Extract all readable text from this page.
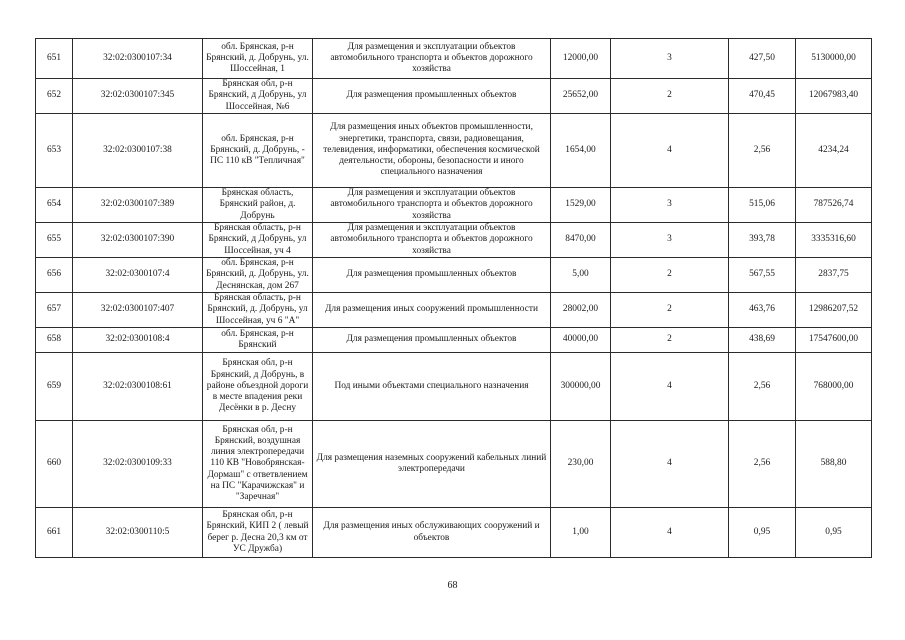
651	32:02:0300107:34	обл. Брянская, р-н Брянский, д. Добрунь, ул. Шоссейная, 1	Для размещения и эксплуатации объектов автомобильного транспорта и объектов дорожного хозяйства	12000,00	3	427,50	5130000,00
652	32:02:0300107:345	Брянская обл, р-н Брянский, д Добрунь, ул Шоссейная, №6	Для размещения промышленных объектов	25652,00	2	470,45	12067983,40
653	32:02:0300107:38	обл. Брянская, р-н Брянский, д. Добрунь, - ПС 110 кВ "Тепличная"	Для размещения иных объектов промышленности, энергетики, транспорта, связи, радиовещания, телевидения, информатики, обеспечения космической деятельности, обороны, безопасности и иного специального назначения	1654,00	4	2,56	4234,24
654	32:02:0300107:389	Брянская область, Брянский район, д. Добрунь	Для размещения и эксплуатации объектов автомобильного транспорта и объектов дорожного хозяйства	1529,00	3	515,06	787526,74
655	32:02:0300107:390	Брянская область, р-н Брянский, д Добрунь, ул Шоссейная, уч 4	Для размещения и эксплуатации объектов автомобильного транспорта и объектов дорожного хозяйства	8470,00	3	393,78	3335316,60
656	32:02:0300107:4	обл. Брянская, р-н Брянский, д. Добрунь, ул. Деснянская, дом 267	Для размещения промышленных объектов	5,00	2	567,55	2837,75
657	32:02:0300107:407	Брянская область, р-н Брянский, д. Добрунь, ул Шоссейная, уч 6 "А"	Для размещения иных сооружений промышленности	28002,00	2	463,76	12986207,52
658	32:02:0300108:4	обл. Брянская, р-н Брянский	Для размещения промышленных объектов	40000,00	2	438,69	17547600,00
659	32:02:0300108:61	Брянская обл, р-н Брянский, д Добрунь, в районе объездной дороги в месте впадения реки Десёнки в р. Десну	Под иными объектами специального назначения	300000,00	4	2,56	768000,00
660	32:02:0300109:33	Брянская обл, р-н Брянский, воздушная линия электропередачи 110 КВ "Новобрянская-Дормаш" с ответвлением на ПС "Карачижская" и "Заречная"	Для размещения наземных сооружений кабельных линий электропередачи	230,00	4	2,56	588,80
661	32:02:0300110:5	Брянская обл, р-н Брянский, КИП 2 ( левый берег р. Десна 20,3 км от УС Дружба)	Для размещения иных обслуживающих сооружений и объектов	1,00	4	0,95	0,95
68
